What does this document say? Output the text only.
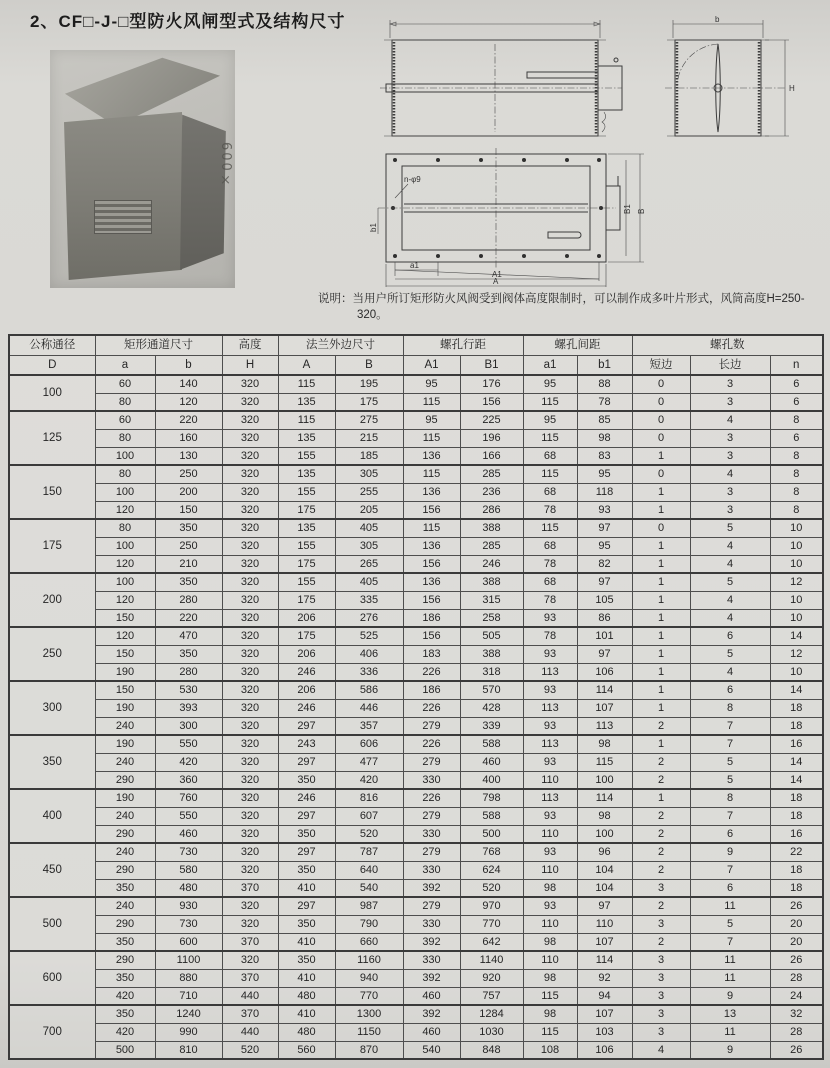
2、CF□-J-□型防火风闸型式及结构尺寸
600×
b
H
n-φ9
b1
a1
A1
A
B1 B
说明：当用户所订矩形防火风阀受到阀体高度限制时，可以制作成多叶片形式，风筒高度H=250-320。
公称通径	矩形通道尺寸		高度	法兰外边尺寸		螺孔行距		螺孔间距		螺孔数		
D	a	b	H	A	B	A1	B1	a1	b1	短边	长边	n
100	60	140	320	115	195	95	176	95	88	0	3	6
	80	120	320	135	175	115	156	115	78	0	3	6
125	60	220	320	115	275	95	225	95	85	0	4	8
	80	160	320	135	215	115	196	115	98	0	3	6
	100	130	320	155	185	136	166	68	83	1	3	8
150	80	250	320	135	305	115	285	115	95	0	4	8
	100	200	320	155	255	136	236	68	118	1	3	8
	120	150	320	175	205	156	286	78	93	1	3	8
175	80	350	320	135	405	115	388	115	97	0	5	10
	100	250	320	155	305	136	285	68	95	1	4	10
	120	210	320	175	265	156	246	78	82	1	4	10
200	100	350	320	155	405	136	388	68	97	1	5	12
	120	280	320	175	335	156	315	78	105	1	4	10
	150	220	320	206	276	186	258	93	86	1	4	10
250	120	470	320	175	525	156	505	78	101	1	6	14
	150	350	320	206	406	183	388	93	97	1	5	12
	190	280	320	246	336	226	318	113	106	1	4	10
300	150	530	320	206	586	186	570	93	114	1	6	14
	190	393	320	246	446	226	428	113	107	1	8	18
	240	300	320	297	357	279	339	93	113	2	7	18
350	190	550	320	243	606	226	588	113	98	1	7	16
	240	420	320	297	477	279	460	93	115	2	5	14
	290	360	320	350	420	330	400	110	100	2	5	14
400	190	760	320	246	816	226	798	113	114	1	8	18
	240	550	320	297	607	279	588	93	98	2	7	18
	290	460	320	350	520	330	500	110	100	2	6	16
450	240	730	320	297	787	279	768	93	96	2	9	22
	290	580	320	350	640	330	624	110	104	2	7	18
	350	480	370	410	540	392	520	98	104	3	6	18
500	240	930	320	297	987	279	970	93	97	2	11	26
	290	730	320	350	790	330	770	110	110	3	5	20
	350	600	370	410	660	392	642	98	107	2	7	20
600	290	1100	320	350	1160	330	1140	110	114	3	11	26
	350	880	370	410	940	392	920	98	92	3	11	28
	420	710	440	480	770	460	757	115	94	3	9	24
700	350	1240	370	410	1300	392	1284	98	107	3	13	32
	420	990	440	480	1150	460	1030	115	103	3	11	28
	500	810	520	560	870	540	848	108	106	4	9	26
